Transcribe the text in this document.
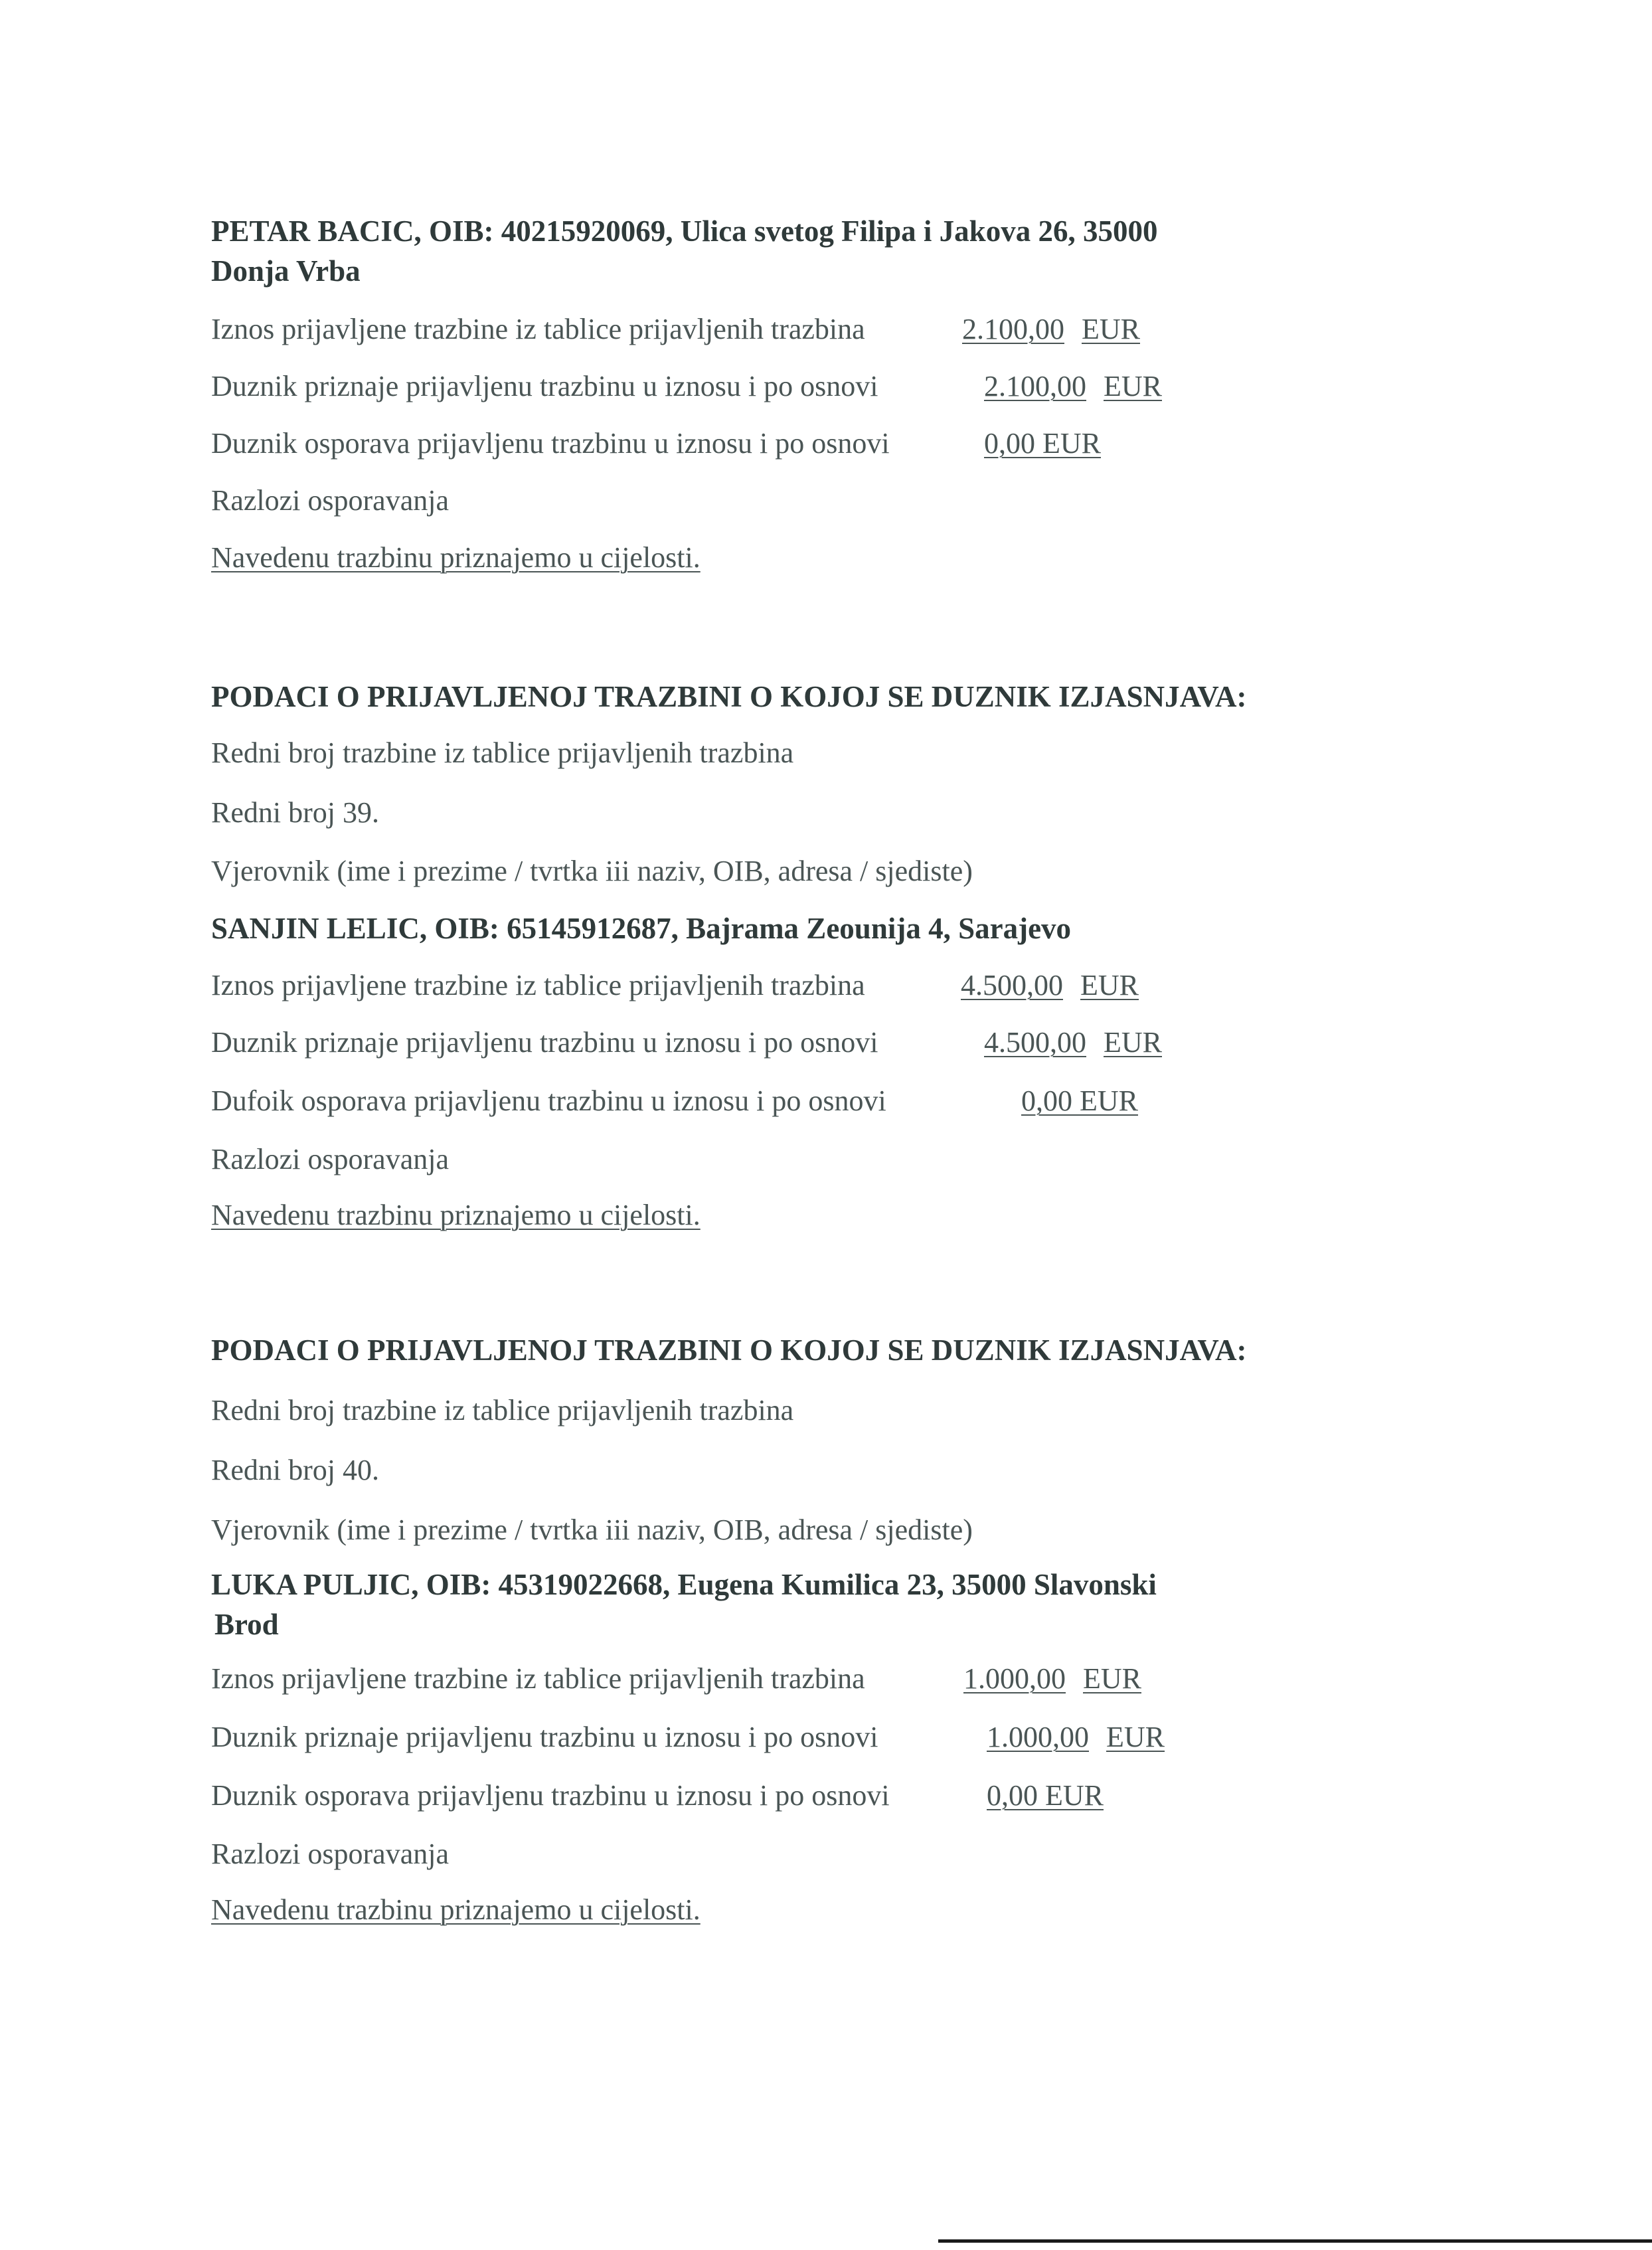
PETAR BACIC, OIB: 40215920069, Ulica svetog Filipa i Jakova 26, 35000
Donja Vrba
Iznos prijavljene trazbine iz tablice prijavljenih trazbina	2.100,00 EUR
Duznik priznaje prijavljenu trazbinu u iznosu i po osnovi	2.100,00 EUR
Duznik osporava prijavljenu trazbinu u iznosu i po osnovi	0,00 EUR
Razlozi osporavanja
Navedenu trazbinu priznajemo u cijelosti.
PODACI O PRIJAVLJENOJ TRAZBINI O KOJOJ SE DUZNIK IZJASNJAVA:
Redni broj trazbine iz tablice prijavljenih trazbina
Redni broj 39.
Vjerovnik (ime i prezime / tvrtka iii naziv, OIB, adresa / sjediste)
SANJIN LELIC, OIB: 65145912687, Bajrama Zeounija 4, Sarajevo
Iznos prijavljene trazbine iz tablice prijavljenih trazbina	4.500,00 EUR
Duznik priznaje prijavljenu trazbinu u iznosu i po osnovi	4.500,00 EUR
Dufoik osporava prijavljenu trazbinu u iznosu i po osnovi	0,00 EUR
Razlozi osporavanja
Navedenu trazbinu priznajemo u cijelosti.
PODACI O PRIJAVLJENOJ TRAZBINI O KOJOJ SE DUZNIK IZJASNJAVA:
Redni broj trazbine iz tablice prijavljenih trazbina
Redni broj 40.
Vjerovnik (ime i prezime / tvrtka iii naziv, OIB, adresa / sjediste)
LUKA PULJIC, OIB: 45319022668, Eugena Kumilica 23, 35000 Slavonski
Brod
Iznos prijavljene trazbine iz tablice prijavljenih trazbina	1.000,00 EUR
Duznik priznaje prijavljenu trazbinu u iznosu i po osnovi	1.000,00 EUR
Duznik osporava prijavljenu trazbinu u iznosu i po osnovi	0,00 EUR
Razlozi osporavanja
Navedenu trazbinu priznajemo u cijelosti.
